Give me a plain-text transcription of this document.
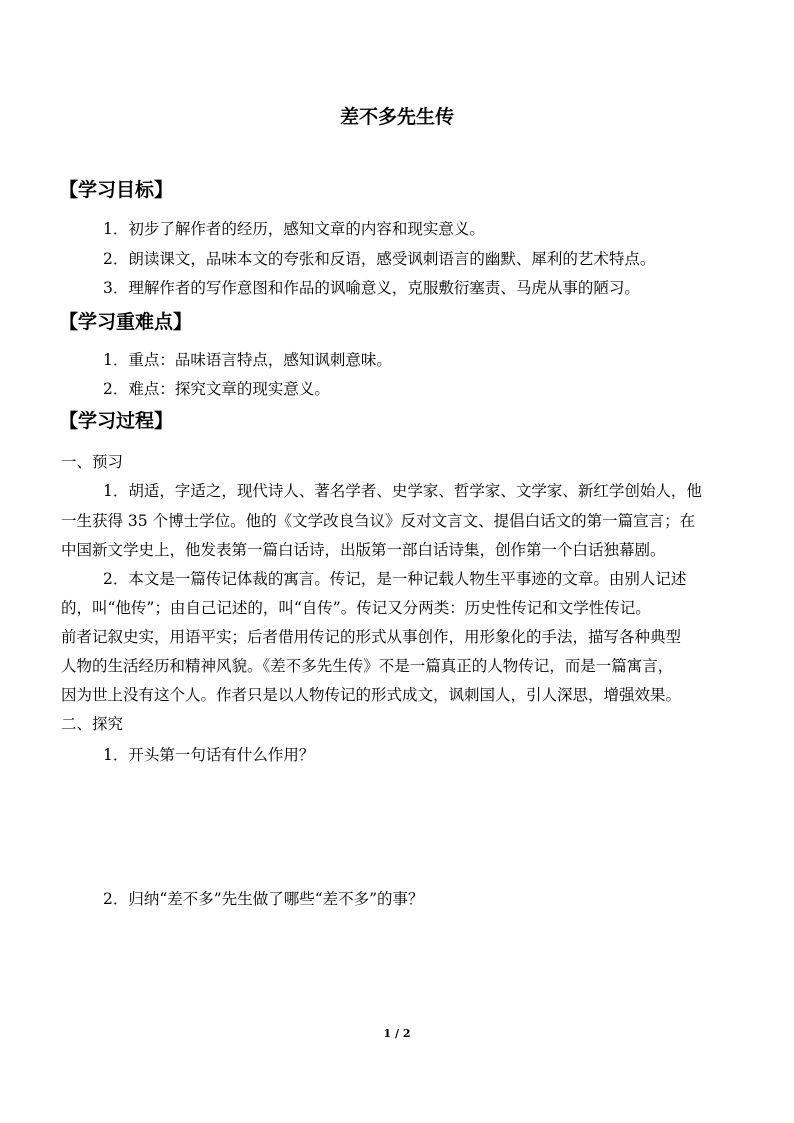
差不多先生传
【学习目标】
1．初步了解作者的经历，感知文章的内容和现实意义。
2．朗读课文，品味本文的夸张和反语，感受讽刺语言的幽默、犀利的艺术特点。
3．理解作者的写作意图和作品的讽喻意义，克服敷衍塞责、马虎从事的陋习。
【学习重难点】
1．重点：品味语言特点，感知讽刺意味。
2．难点：探究文章的现实意义。
【学习过程】
一、预习
1．胡适，字适之，现代诗人、著名学者、史学家、哲学家、文学家、新红学创始人，他
一生获得 35 个博士学位。他的《文学改良刍议》反对文言文、提倡白话文的第一篇宣言；在
中国新文学史上，他发表第一篇白话诗，出版第一部白话诗集，创作第一个白话独幕剧。
2．本文是一篇传记体裁的寓言。传记，是一种记载人物生平事迹的文章。由别人记述
的，叫“他传”；由自己记述的，叫“自传”。传记又分两类：历史性传记和文学性传记。
前者记叙史实，用语平实；后者借用传记的形式从事创作，用形象化的手法，描写各种典型
人物的生活经历和精神风貌。《差不多先生传》不是一篇真正的人物传记，而是一篇寓言，
因为世上没有这个人。作者只是以人物传记的形式成文，讽刺国人，引人深思，增强效果。
二、探究
1．开头第一句话有什么作用？
2．归纳“差不多”先生做了哪些“差不多”的事？
1 / 2
